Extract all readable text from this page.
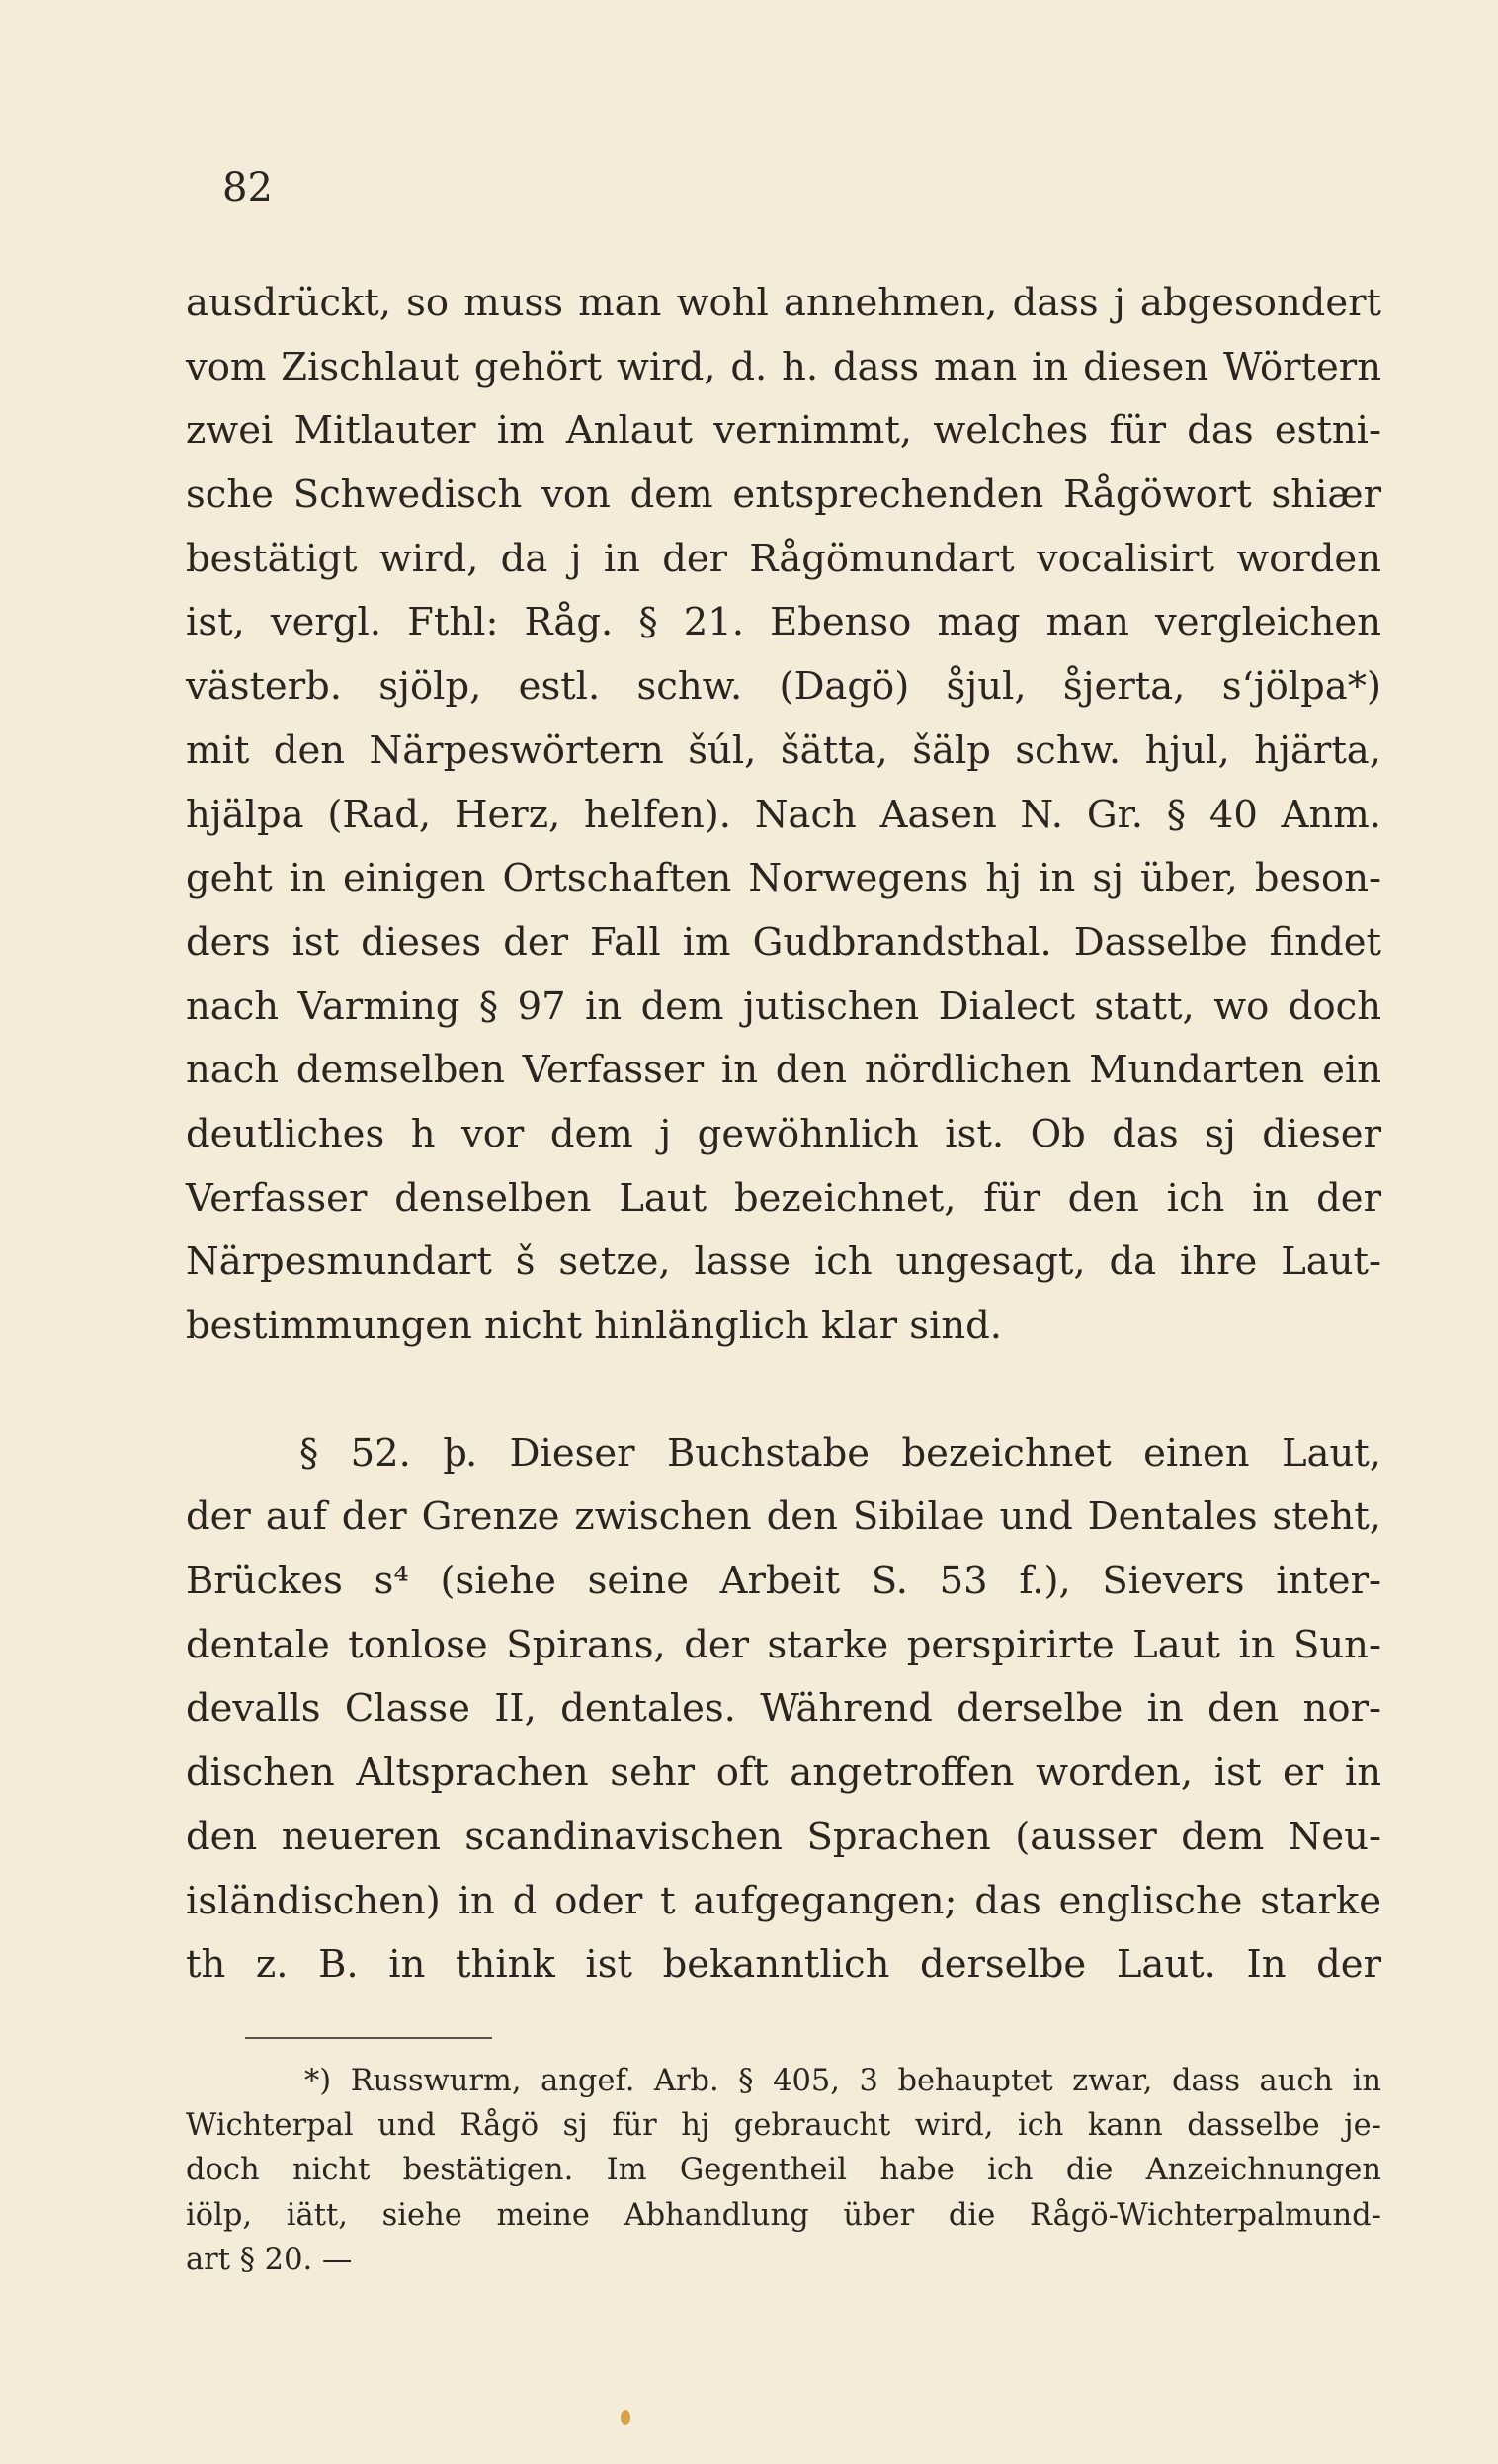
82
ausdrückt, so muss man wohl annehmen, dass j abgesondert
vom Zischlaut gehört wird, d. h. dass man in diesen Wörtern
zwei Mitlauter im Anlaut vernimmt, welches für das estni-
sche Schwedisch von dem entsprechenden Rågöwort shiær
bestätigt wird, da j in der Rågömundart vocalisirt worden
ist, vergl. Fthl: Råg. § 21. Ebenso mag man vergleichen
västerb. sjölp, estl. schw. (Dagö) s̊jul, s̊jerta, s‘jölpa*)
mit den Närpeswörtern šúl, šätta, šälp schw. hjul, hjärta,
hjälpa (Rad, Herz, helfen). Nach Aasen N. Gr. § 40 Anm.
geht in einigen Ortschaften Norwegens hj in sj über, beson-
ders ist dieses der Fall im Gudbrandsthal. Dasselbe findet
nach Varming § 97 in dem jutischen Dialect statt, wo doch
nach demselben Verfasser in den nördlichen Mundarten ein
deutliches h vor dem j gewöhnlich ist. Ob das sj dieser
Verfasser denselben Laut bezeichnet, für den ich in der
Närpesmundart š setze, lasse ich ungesagt, da ihre Laut-
bestimmungen nicht hinlänglich klar sind.
§ 52. þ. Dieser Buchstabe bezeichnet einen Laut,
der auf der Grenze zwischen den Sibilae und Dentales steht,
Brückes s⁴ (siehe seine Arbeit S. 53 f.), Sievers inter-
dentale tonlose Spirans, der starke perspirirte Laut in Sun-
devalls Classe II, dentales. Während derselbe in den nor-
dischen Altsprachen sehr oft angetroffen worden, ist er in
den neueren scandinavischen Sprachen (ausser dem Neu-
isländischen) in d oder t aufgegangen; das englische starke
th z. B. in think ist bekanntlich derselbe Laut. In der
*) Russwurm, angef. Arb. § 405, 3 behauptet zwar, dass auch in
Wichterpal und Rågö sj für hj gebraucht wird, ich kann dasselbe je-
doch nicht bestätigen. Im Gegentheil habe ich die Anzeichnungen
iölp, iätt, siehe meine Abhandlung über die Rågö-Wichterpalmund-
art § 20. —
